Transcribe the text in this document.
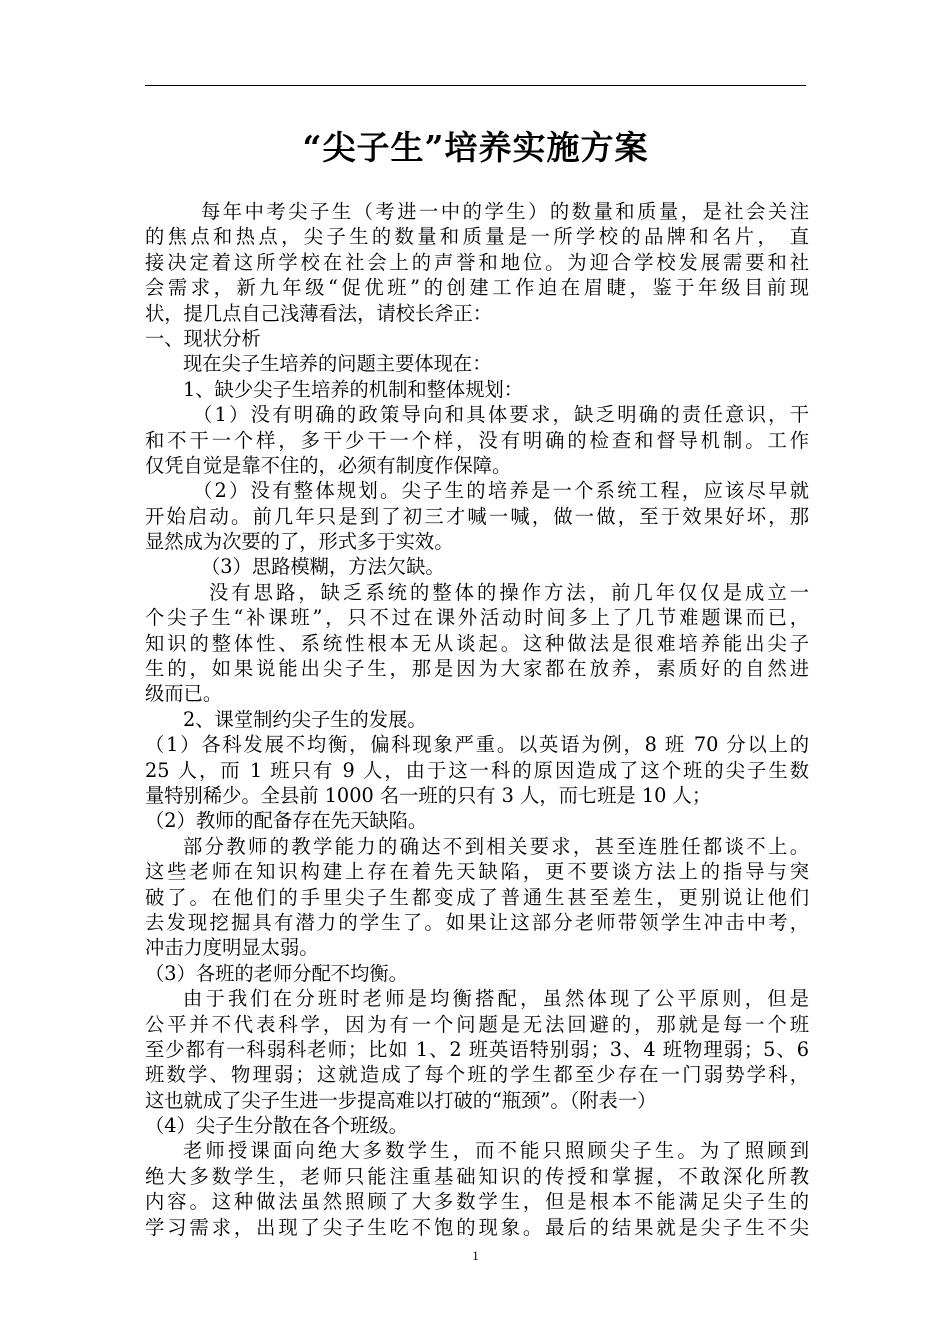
“尖子生”培养实施方案
每年中考尖子生（考进一中的学生）的数量和质量，是社会关注
的焦点和热点，尖子生的数量和质量是一所学校的品牌和名片， 直
接决定着这所学校在社会上的声誉和地位。为迎合学校发展需要和社
会需求，新九年级“促优班”的创建工作迫在眉睫，鉴于年级目前现
状，提几点自己浅薄看法，请校长斧正：
一、现状分析
现在尖子生培养的问题主要体现在：
1、缺少尖子生培养的机制和整体规划：
（1）没有明确的政策导向和具体要求，缺乏明确的责任意识，干
和不干一个样，多干少干一个样，没有明确的检查和督导机制。工作
仅凭自觉是靠不住的，必须有制度作保障。
（2）没有整体规划。尖子生的培养是一个系统工程，应该尽早就
开始启动。前几年只是到了初三才喊一喊，做一做，至于效果好坏，那
显然成为次要的了，形式多于实效。
（3）思路模糊，方法欠缺。
没有思路，缺乏系统的整体的操作方法，前几年仅仅是成立一
个尖子生“补课班”，只不过在课外活动时间多上了几节难题课而已，
知识的整体性、系统性根本无从谈起。这种做法是很难培养能出尖子
生的，如果说能出尖子生，那是因为大家都在放养，素质好的自然进
级而已。
2、课堂制约尖子生的发展。
（1）各科发展不均衡，偏科现象严重。以英语为例，8 班 70 分以上的
25 人，而 1 班只有 9 人，由于这一科的原因造成了这个班的尖子生数
量特别稀少。全县前 1000 名一班的只有 3 人，而七班是 10 人；
（2）教师的配备存在先天缺陷。
部分教师的教学能力的确达不到相关要求，甚至连胜任都谈不上。
这些老师在知识构建上存在着先天缺陷，更不要谈方法上的指导与突
破了。在他们的手里尖子生都变成了普通生甚至差生，更别说让他们
去发现挖掘具有潜力的学生了。如果让这部分老师带领学生冲击中考，
冲击力度明显太弱。
（3）各班的老师分配不均衡。
由于我们在分班时老师是均衡搭配，虽然体现了公平原则，但是
公平并不代表科学，因为有一个问题是无法回避的，那就是每一个班
至少都有一科弱科老师；比如 1、2 班英语特别弱；3、4 班物理弱；5、6
班数学、物理弱；这就造成了每个班的学生都至少存在一门弱势学科，
这也就成了尖子生进一步提高难以打破的“瓶颈”。（附表一）
（4）尖子生分散在各个班级。
老师授课面向绝大多数学生，而不能只照顾尖子生。为了照顾到
绝大多数学生，老师只能注重基础知识的传授和掌握，不敢深化所教
内容。这种做法虽然照顾了大多数学生，但是根本不能满足尖子生的
学习需求，出现了尖子生吃不饱的现象。最后的结果就是尖子生不尖
1
